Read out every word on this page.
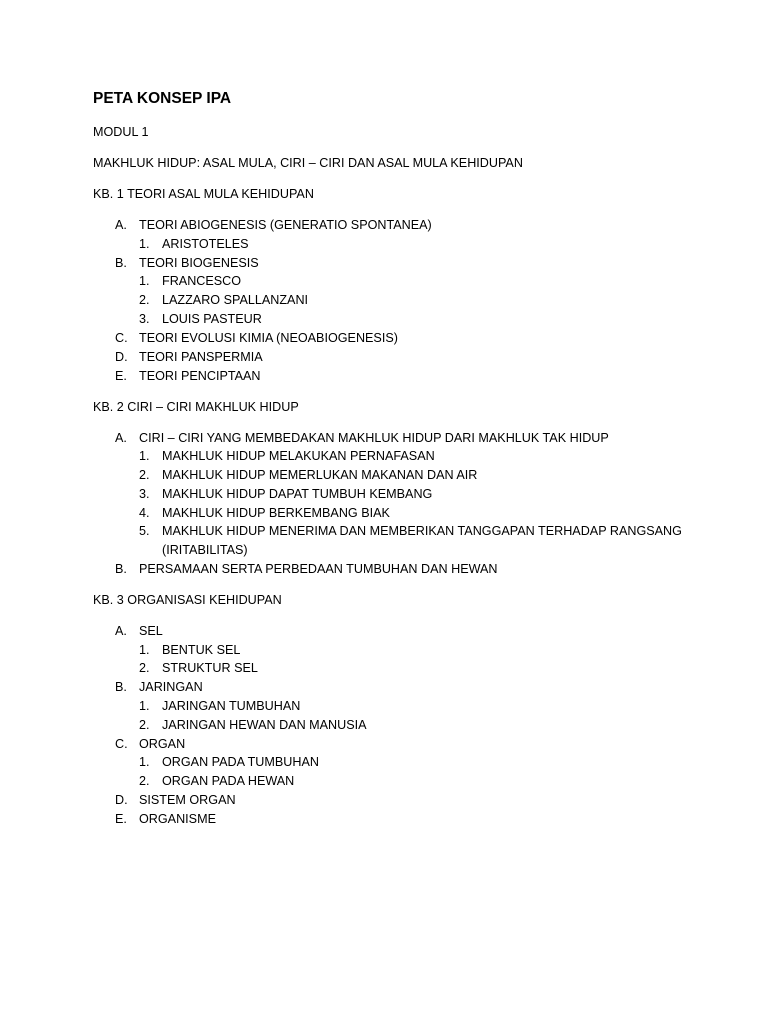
PETA KONSEP IPA
MODUL 1
MAKHLUK HIDUP: ASAL MULA, CIRI – CIRI DAN ASAL MULA KEHIDUPAN
KB. 1 TEORI ASAL MULA KEHIDUPAN
A. TEORI ABIOGENESIS (GENERATIO SPONTANEA)
1. ARISTOTELES
B. TEORI BIOGENESIS
1. FRANCESCO
2. LAZZARO SPALLANZANI
3. LOUIS PASTEUR
C. TEORI EVOLUSI KIMIA (NEOABIOGENESIS)
D. TEORI PANSPERMIA
E. TEORI PENCIPTAAN
KB. 2 CIRI – CIRI MAKHLUK HIDUP
A. CIRI – CIRI YANG MEMBEDAKAN MAKHLUK HIDUP DARI MAKHLUK TAK HIDUP
1. MAKHLUK HIDUP MELAKUKAN PERNAFASAN
2. MAKHLUK HIDUP MEMERLUKAN MAKANAN DAN AIR
3. MAKHLUK HIDUP DAPAT TUMBUH KEMBANG
4. MAKHLUK HIDUP BERKEMBANG BIAK
5. MAKHLUK HIDUP MENERIMA DAN MEMBERIKAN TANGGAPAN TERHADAP RANGSANG
(IRITABILITAS)
B. PERSAMAAN SERTA PERBEDAAN TUMBUHAN DAN HEWAN
KB. 3 ORGANISASI KEHIDUPAN
A. SEL
1. BENTUK SEL
2. STRUKTUR SEL
B. JARINGAN
1. JARINGAN TUMBUHAN
2. JARINGAN HEWAN DAN MANUSIA
C. ORGAN
1. ORGAN PADA TUMBUHAN
2. ORGAN PADA HEWAN
D. SISTEM ORGAN
E. ORGANISME
